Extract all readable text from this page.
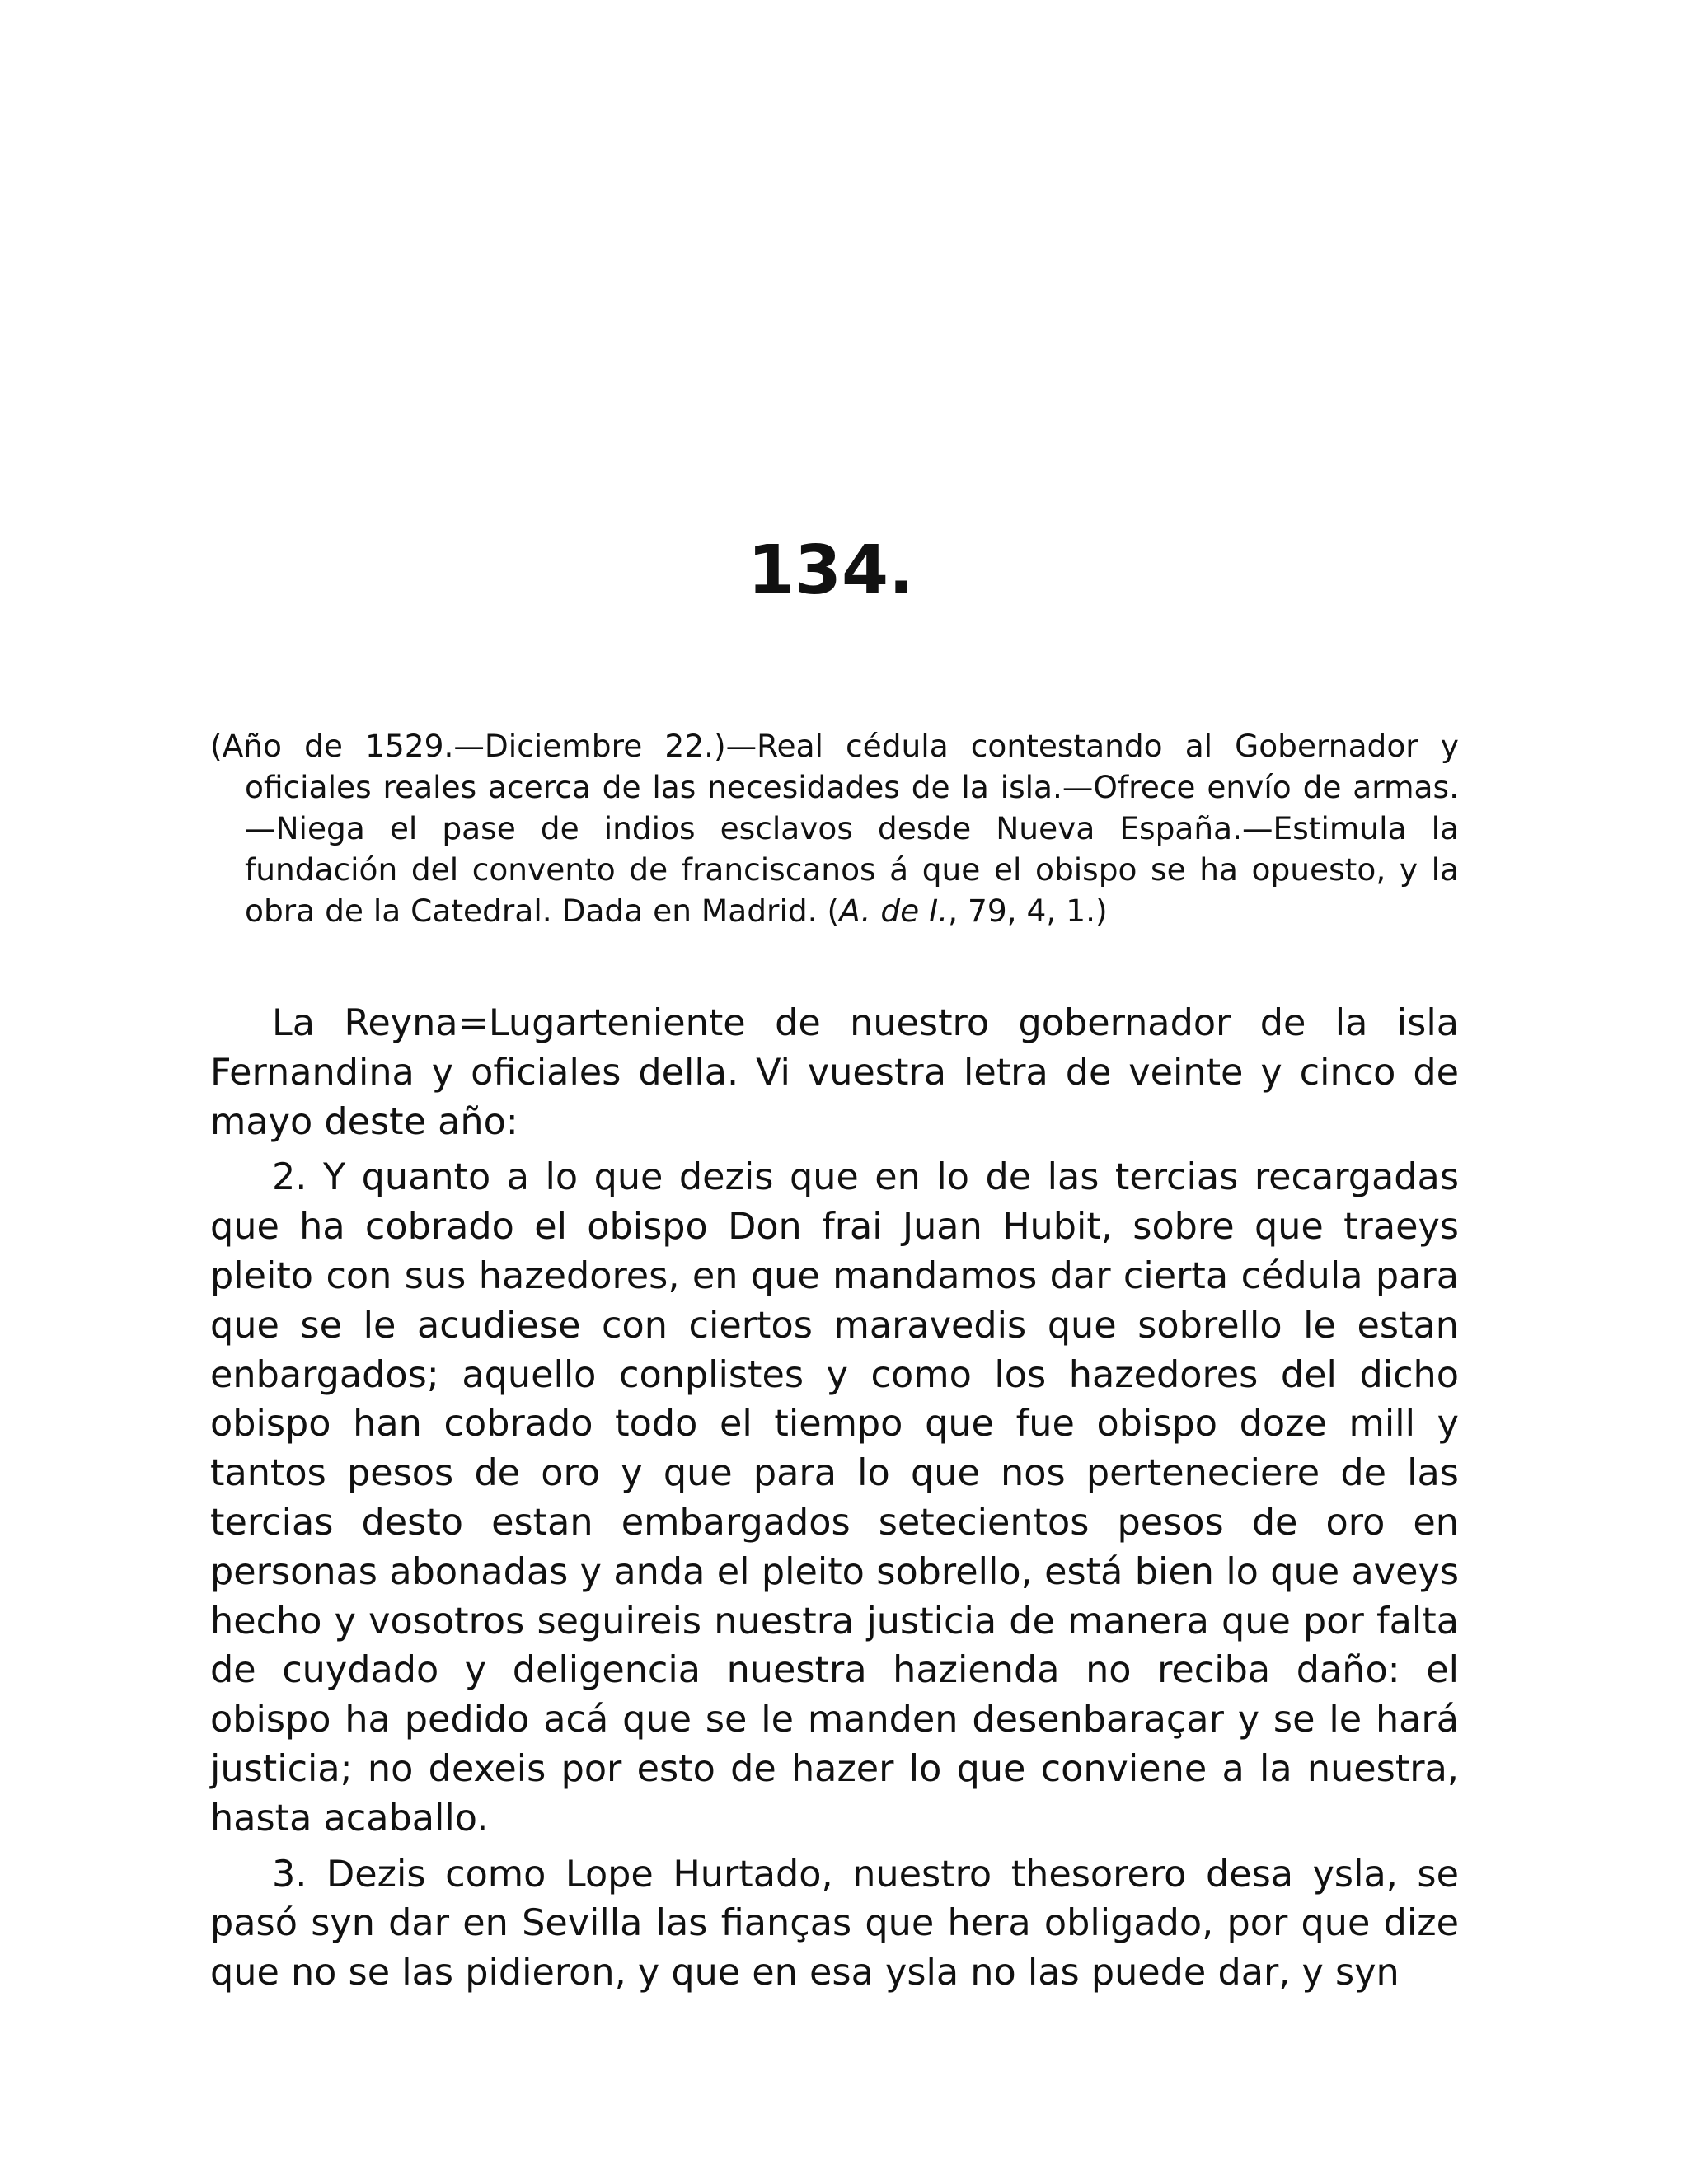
134.

(Año de 1529.—Diciembre 22.)—Real cédula contestando al Gobernador y oficiales reales acerca de las necesidades de la isla.—Ofrece envío de armas.—Niega el pase de indios esclavos desde Nueva España.—Estimula la fundación del convento de franciscanos á que el obispo se ha opuesto, y la obra de la Catedral. Dada en Madrid. (A. de I., 79, 4, 1.)

La Reyna=Lugarteniente de nuestro gobernador de la isla Fernandina y oficiales della. Vi vuestra letra de veinte y cinco de mayo deste año:

2. Y quanto a lo que dezis que en lo de las tercias recargadas que ha cobrado el obispo Don frai Juan Hubit, sobre que traeys pleito con sus hazedores, en que mandamos dar cierta cédula para que se le acudiese con ciertos maravedis que sobrello le estan enbargados; aquello conplistes y como los hazedores del dicho obispo han cobrado todo el tiempo que fue obispo doze mill y tantos pesos de oro y que para lo que nos perteneciere de las tercias desto estan embargados setecientos pesos de oro en personas abonadas y anda el pleito sobrello, está bien lo que aveys hecho y vosotros seguireis nuestra justicia de manera que por falta de cuydado y deligencia nuestra hazienda no reciba daño: el obispo ha pedido acá que se le manden desenbaraçar y se le hará justicia; no dexeis por esto de hazer lo que conviene a la nuestra, hasta acaballo.

3. Dezis como Lope Hurtado, nuestro thesorero desa ysla, se pasó syn dar en Sevilla las fianças que hera obligado, por que dize que no se las pidieron, y que en esa ysla no las puede dar, y syn
